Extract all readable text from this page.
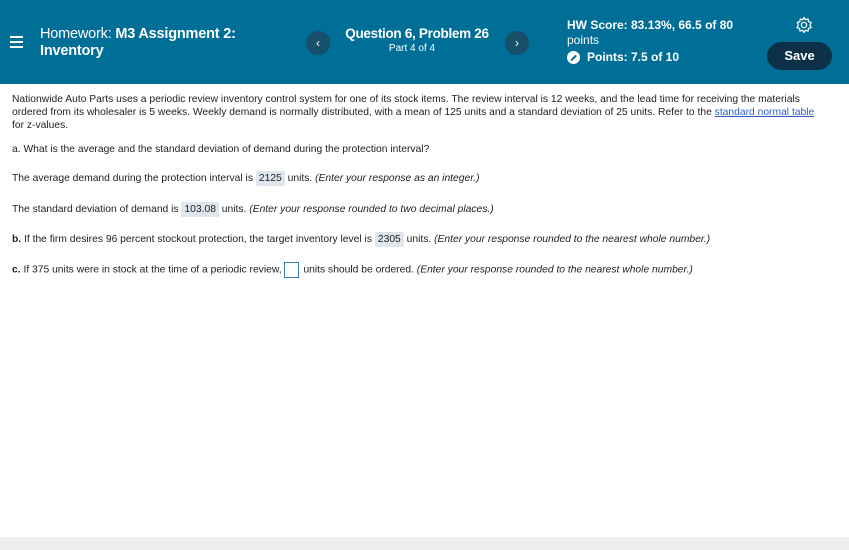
Homework: M3 Assignment 2:
Inventory	‹
Question 6, Problem 26
Part 4 of 4	›
HW Score: 83.13%, 66.5 of 80
points
Points: 7.5 of 10	Save

Nationwide Auto Parts uses a periodic review inventory control system for one of its stock items. The review interval is 12 weeks, and the lead time for receiving the materials ordered from its wholesaler is 5 weeks. Weekly demand is normally distributed, with a mean of 125 units and a standard deviation of 25 units. Refer to the standard normal table for z-values.

a. What is the average and the standard deviation of demand during the protection interval?
The average demand during the protection interval is 2125 units. (Enter your response as an integer.)
The standard deviation of demand is 103.08 units. (Enter your response rounded to two decimal places.)
b. If the firm desires 96 percent stockout protection, the target inventory level is 2305 units. (Enter your response rounded to the nearest whole number.)
c. If 375 units were in stock at the time of a periodic review, units should be ordered. (Enter your response rounded to the nearest whole number.)
